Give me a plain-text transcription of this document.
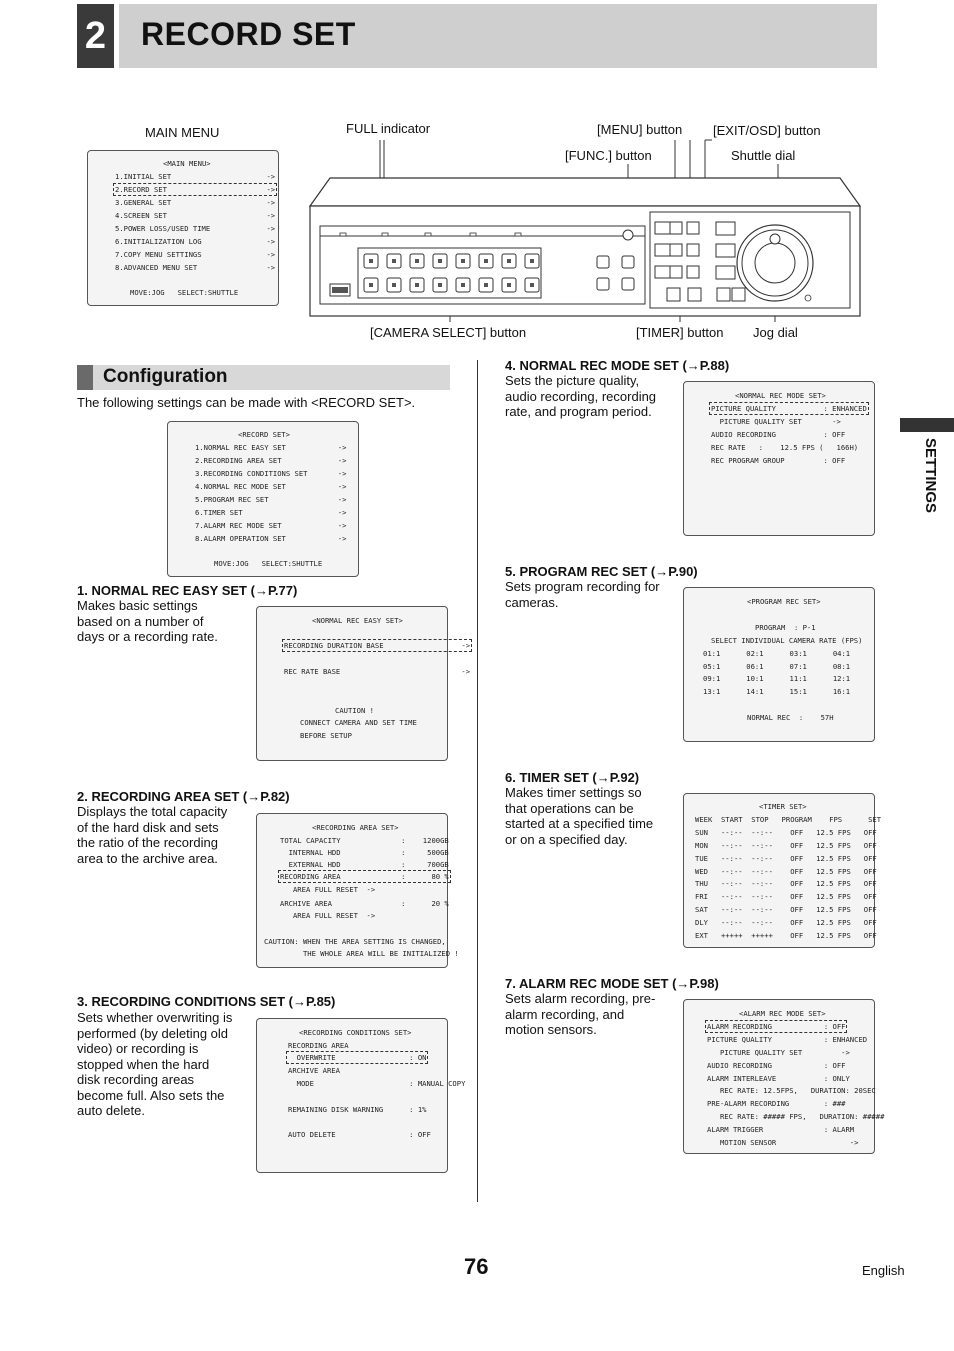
2 RECORD SET
MAIN MENU	FULL indicator	[MENU] button [EXIT/OSD] button
[FUNC.] button	Shuttle dial
[CAMERA SELECT] button	[TIMER] button Jog dial
<MAIN MENU>
1.INITIAL SET                      ->
2.RECORD SET                       ->
3.GENERAL SET                      ->
4.SCREEN SET                       ->
5.POWER LOSS/USED TIME             ->
6.INITIALIZATION LOG               ->
7.COPY MENU SETTINGS               ->
8.ADVANCED MENU SET                ->
MOVE:JOG   SELECT:SHUTTLE
Configuration
The following settings can be made with <RECORD SET>.
<RECORD SET>
1.NORMAL REC EASY SET            ->
2.RECORDING AREA SET             ->
3.RECORDING CONDITIONS SET       ->
4.NORMAL REC MODE SET            ->
5.PROGRAM REC SET                ->
6.TIMER SET                      ->
7.ALARM REC MODE SET             ->
8.ALARM OPERATION SET            ->
MOVE:JOG   SELECT:SHUTTLE
1. NORMAL REC EASY SET (→P.77)
Makes basic settings
based on a number of
days or a recording rate.
<NORMAL REC EASY SET>
RECORDING DURATION BASE                  ->
REC RATE BASE                            ->
CAUTION !
CONNECT CAMERA AND SET TIME
BEFORE SETUP
2. RECORDING AREA SET (→P.82)
Displays the total capacity
of the hard disk and sets
the ratio of the recording
area to the archive area.
<RECORDING AREA SET>
TOTAL CAPACITY              :    1200GB
INTERNAL HDD              :     500GB
EXTERNAL HDD              :     700GB
RECORDING AREA              :      80 %
AREA FULL RESET  ->
ARCHIVE AREA                :      20 %
AREA FULL RESET  ->
CAUTION: WHEN THE AREA SETTING IS CHANGED,
THE WHOLE AREA WILL BE INITIALIZED !
3. RECORDING CONDITIONS SET (→P.85)
Sets whether overwriting is
performed (by deleting old
video) or recording is
stopped when the hard
disk recording areas
become full. Also sets the
auto delete.
<RECORDING CONDITIONS SET>
RECORDING AREA
OVERWRITE                 : ON
ARCHIVE AREA
MODE                      : MANUAL COPY
REMAINING DISK WARNING      : 1%
AUTO DELETE                 : OFF
4. NORMAL REC MODE SET (→P.88)
Sets the picture quality,
audio recording, recording
rate, and program period.
<NORMAL REC MODE SET>
PICTURE QUALITY           : ENHANCED
PICTURE QUALITY SET       ->
AUDIO RECORDING           : OFF
REC RATE   :    12.5 FPS (   166H)
REC PROGRAM GROUP         : OFF
5. PROGRAM REC SET (→P.90)
Sets program recording for
cameras.	<PROGRAM REC SET>
PROGRAM  : P-1
SELECT INDIVIDUAL CAMERA RATE (FPS)
01:1      02:1      03:1      04:1
05:1      06:1      07:1      08:1
09:1      10:1      11:1      12:1
13:1      14:1      15:1      16:1
NORMAL REC  :    57H
6. TIMER SET (→P.92)
Makes timer settings so
that operations can be
started at a specified time
or on a specified day.
<TIMER SET>
WEEK  START  STOP   PROGRAM    FPS      SET
SUN   --:--  --:--    OFF   12.5 FPS   OFF
MON   --:--  --:--    OFF   12.5 FPS   OFF
TUE   --:--  --:--    OFF   12.5 FPS   OFF
WED   --:--  --:--    OFF   12.5 FPS   OFF
THU   --:--  --:--    OFF   12.5 FPS   OFF
FRI   --:--  --:--    OFF   12.5 FPS   OFF
SAT   --:--  --:--    OFF   12.5 FPS   OFF
DLY   --:--  --:--    OFF   12.5 FPS   OFF
EXT   +++++  +++++    OFF   12.5 FPS   OFF
7. ALARM REC MODE SET (→P.98)
Sets alarm recording, pre-
alarm recording, and
motion sensors.
<ALARM REC MODE SET>
ALARM RECORDING            : OFF
PICTURE QUALITY            : ENHANCED
PICTURE QUALITY SET         ->
AUDIO RECORDING            : OFF
ALARM INTERLEAVE           : ONLY
REC RATE: 12.5FPS,   DURATION: 20SEC
PRE-ALARM RECORDING        : ###
REC RATE: ##### FPS,   DURATION: #####
ALARM TRIGGER              : ALARM
MOTION SENSOR                 ->
SETTINGS
76	English
